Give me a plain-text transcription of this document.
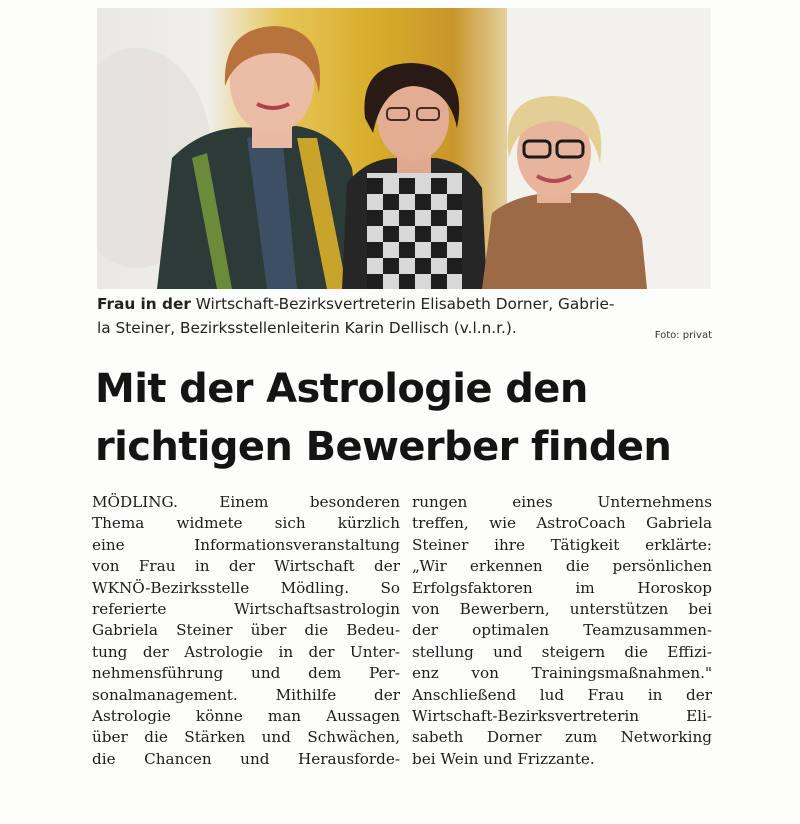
Frau in der Wirtschaft-Bezirksvertreterin Elisabeth Dorner, Gabrie-
la Steiner, Bezirksstellenleiterin Karin Dellisch (v.l.n.r.).	Foto: privat
Mit der Astrologie den
richtigen Bewerber finden
MÖDLING. Einem besonderen
Thema widmete sich kürzlich
eine Informationsveranstaltung
von Frau in der Wirtschaft der
WKNÖ-Bezirksstelle Mödling. So
referierte Wirtschaftsastrologin
Gabriela Steiner über die Bedeu-
tung der Astrologie in der Unter-
nehmensführung und dem Per-
sonalmanagement. Mithilfe der
Astrologie könne man Aussagen
über die Stärken und Schwächen,
die Chancen und Herausforde-
rungen eines Unternehmens
treffen, wie AstroCoach Gabriela
Steiner ihre Tätigkeit erklärte:
„Wir erkennen die persönlichen
Erfolgsfaktoren im Horoskop
von Bewerbern, unterstützen bei
der optimalen Teamzusammen-
stellung und steigern die Effizi-
enz von Trainingsmaßnahmen."
Anschließend lud Frau in der
Wirtschaft-Bezirksvertreterin Eli-
sabeth Dorner zum Networking
bei Wein und Frizzante.
